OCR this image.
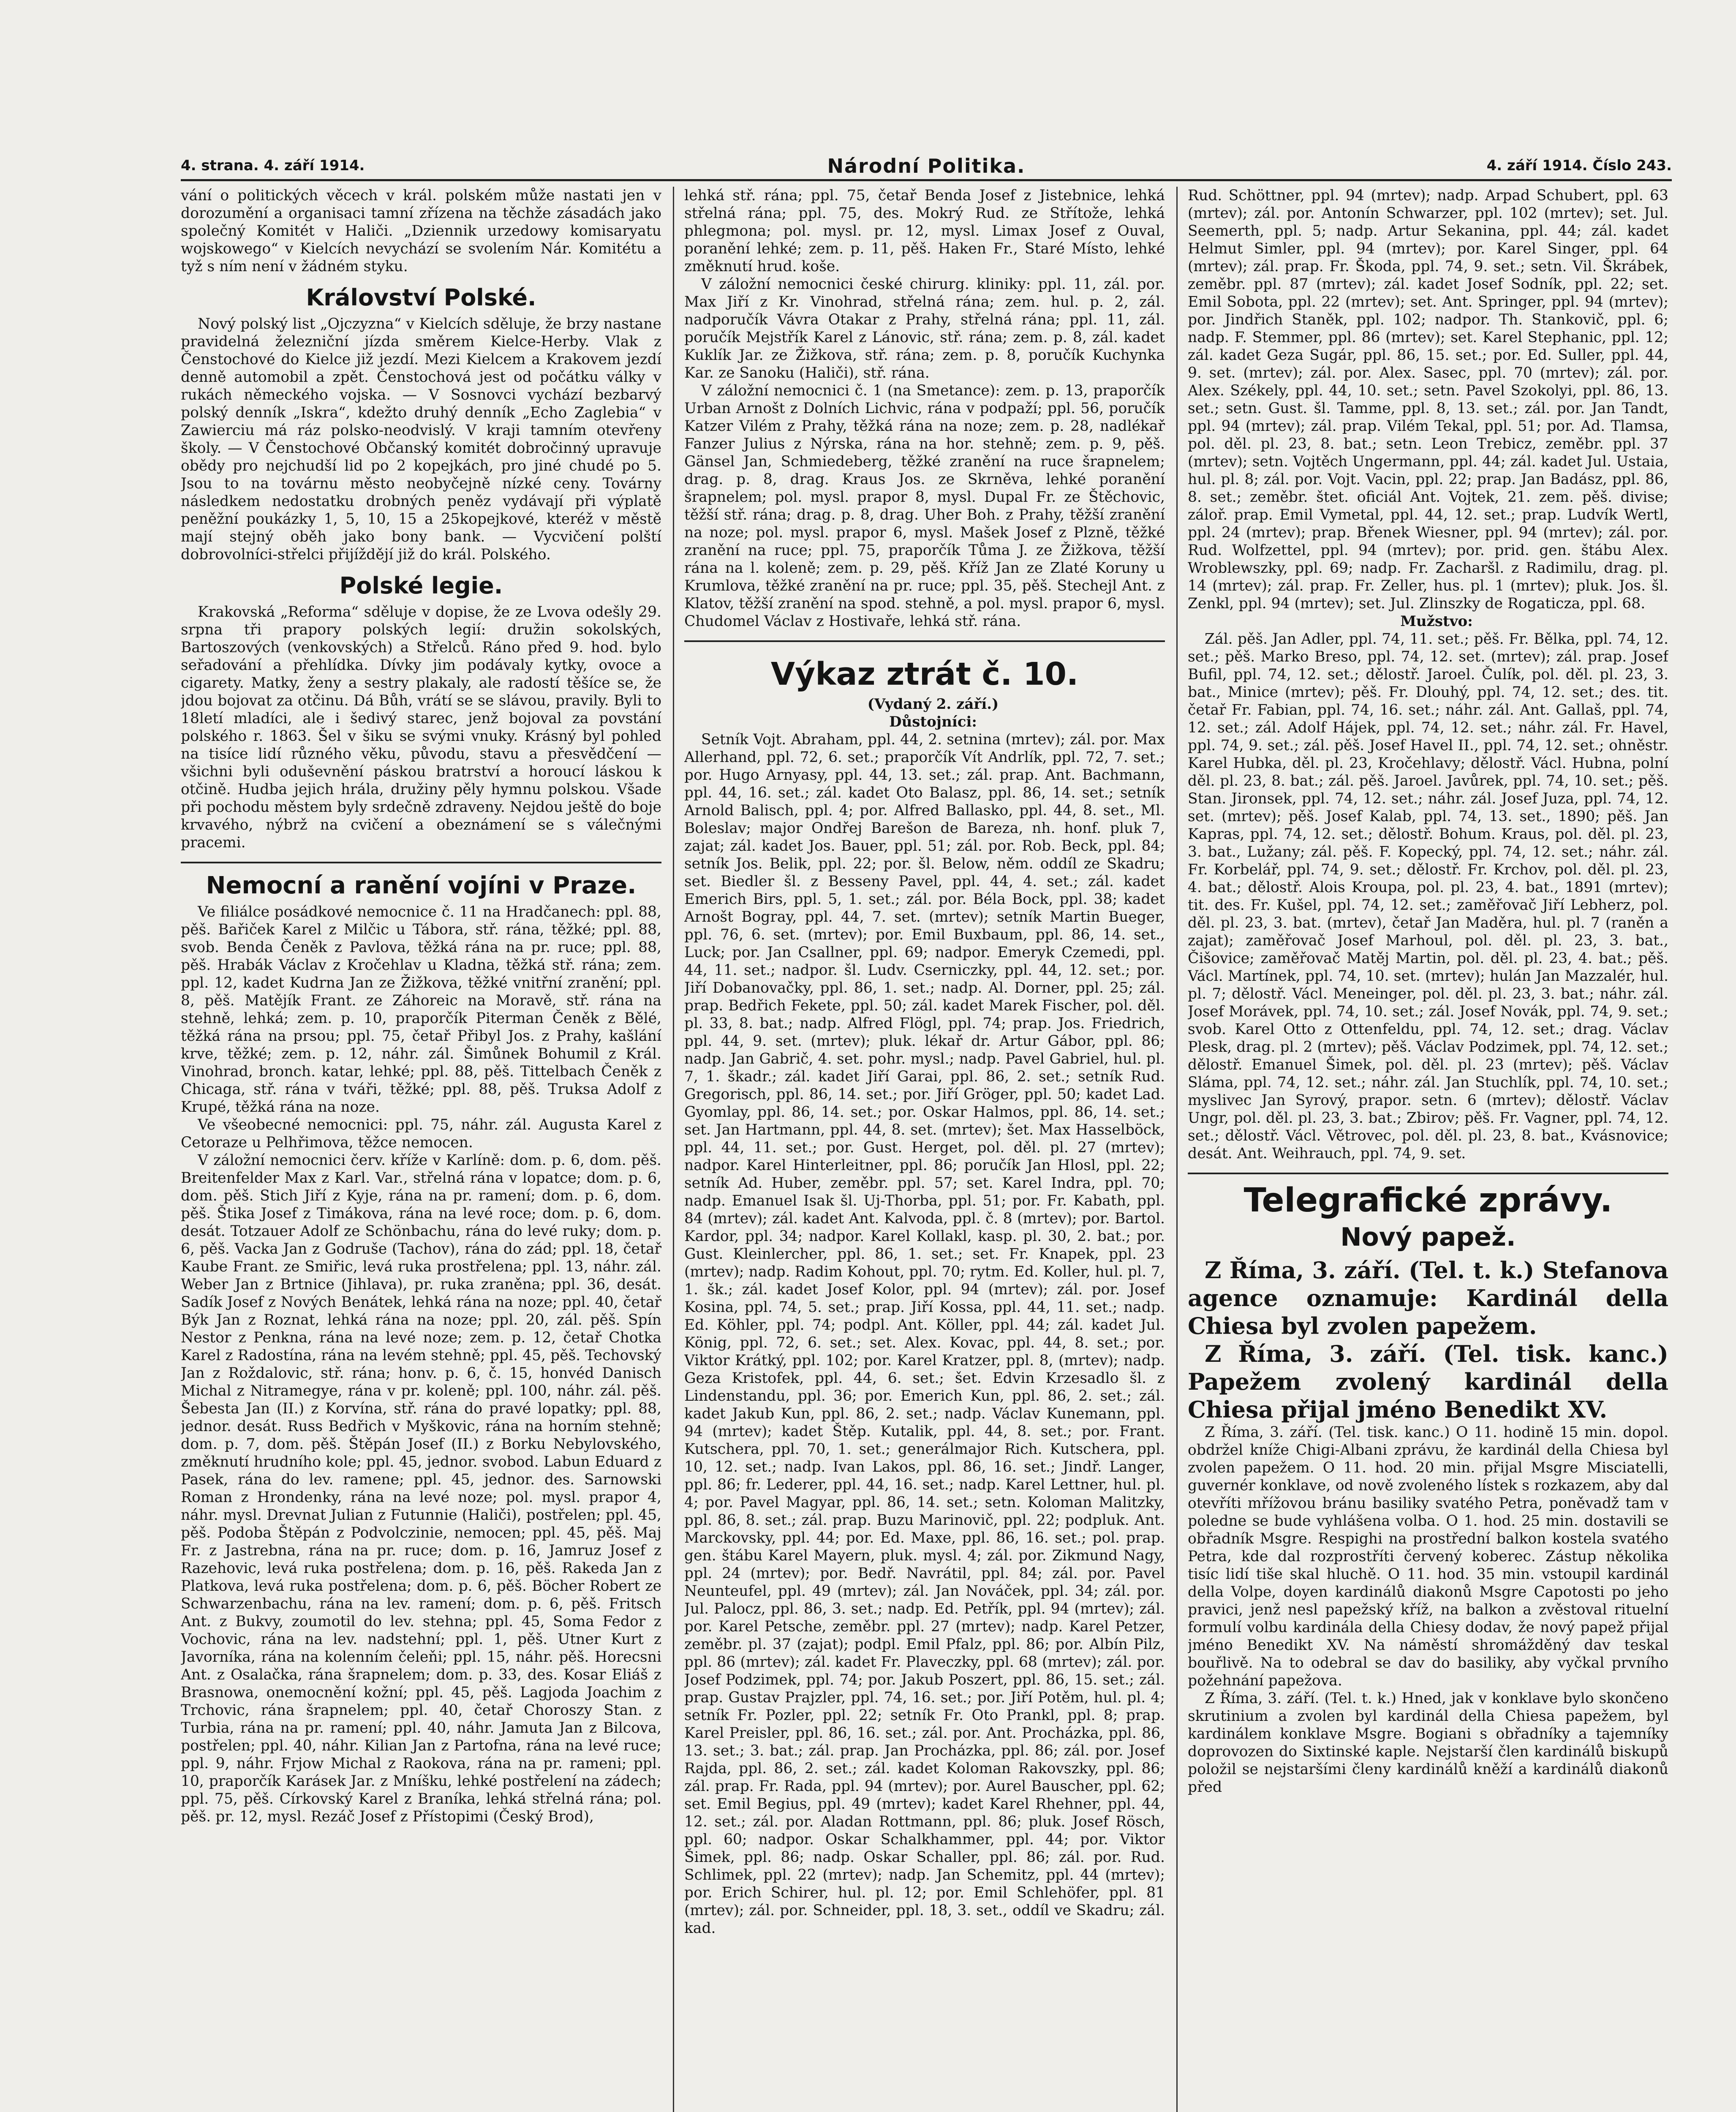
4. strana. 4. září 1914.	Národní Politika.	4. září 1914. Číslo 243.

vání o politických věcech v král. polském může nastati jen v dorozumění a organisaci tamní zřízena na těchže zásadách jako společný Komitét v Haliči. „Dziennik urzedowy komisaryatu wojskowego“ v Kielcích nevychází se svolením Nár. Komitétu a tyž s ním není v žádném styku.

Království Polské.

Nový polský list „Ojczyzna“ v Kielcích sděluje, že brzy nastane pravidelná železniční jízda směrem Kielce-Herby. Vlak z Čenstochové do Kielce již jezdí. Mezi Kielcem a Krakovem jezdí denně automobil a zpět. Čenstochová jest od počátku války v rukách německého vojska. — V Sosnovci vychází bezbarvý polský denník „Iskra“, kdežto druhý denník „Echo Zaglebia“ v Zawierciu má ráz polsko-neodvislý. V kraji tamním otevřeny školy. — V Čenstochové Občanský komitét dobročinný upravuje obědy pro nejchudší lid po 2 kopejkách, pro jiné chudé po 5. Jsou to na továrnu město neobyčejně nízké ceny. Továrny následkem nedostatku drobných peněz vydávají při výplatě peněžní poukázky 1, 5, 10, 15 a 25kopejkové, kteréž v městě mají stejný oběh jako bony bank. — Vycvičení polští dobrovolníci-střelci přijíždějí již do král. Polského.

Polské legie.

Krakovská „Reforma“ sděluje v dopise, že ze Lvova odešly 29. srpna tři prapory polských legií: družin sokolských, Bartoszových (venkovských) a Střelců. Ráno před 9. hod. bylo seřadování a přehlídka. Dívky jim podávaly kytky, ovoce a cigarety. Matky, ženy a sestry plakaly, ale radostí těšíce se, že jdou bojovat za otčinu. Dá Bůh, vrátí se se slávou, pravily. Byli to 18letí mladíci, ale i šedivý starec, jenž bojoval za povstání polského r. 1863. Šel v šiku se svými vnuky. Krásný byl pohled na tisíce lidí různého věku, původu, stavu a přesvědčení — všichni byli oduševnění páskou bratrství a horoucí láskou k otčině. Hudba jejich hrála, družiny pěly hymnu polskou. Všade při pochodu městem byly srdečně zdraveny. Nejdou ještě do boje krvavého, nýbrž na cvičení a obeznámení se s válečnými pracemi.

Nemocní a ranění vojíni v Praze.

Ve filiálce posádkové nemocnice č. 11 na Hradčanech: ppl. 88, pěš. Bařiček Karel z Milčic u Tábora, stř. rána, těžké; ppl. 88, svob. Benda Čeněk z Pavlova, těžká rána na pr. ruce; ppl. 88, pěš. Hrabák Václav z Kročehlav u Kladna, těžká stř. rána; zem. ppl. 12, kadet Kudrna Jan ze Žižkova, těžké vnitřní zranění; ppl. 8, pěš. Matějík Frant. ze Záhoreic na Moravě, stř. rána na stehně, lehká; zem. p. 10, praporčík Piterman Čeněk z Bělé, těžká rána na prsou; ppl. 75, četař Přibyl Jos. z Prahy, kašlání krve, těžké; zem. p. 12, náhr. zál. Šimůnek Bohumil z Král. Vinohrad, bronch. katar, lehké; ppl. 88, pěš. Tittelbach Čeněk z Chicaga, stř. rána v tváři, těžké; ppl. 88, pěš. Truksa Adolf z Krupé, těžká rána na noze.

Ve všeobecné nemocnici: ppl. 75, náhr. zál. Augusta Karel z Cetoraze u Pelhřimova, těžce nemocen.

V záložní nemocnici červ. kříže v Karlíně: dom. p. 6, dom. pěš. Breitenfelder Max z Karl. Var., střelná rána v lopatce; dom. p. 6, dom. pěš. Stich Jiří z Kyje, rána na pr. ramení; dom. p. 6, dom. pěš. Štika Josef z Timákova, rána na levé roce; dom. p. 6, dom. desát. Totzauer Adolf ze Schönbachu, rána do levé ruky; dom. p. 6, pěš. Vacka Jan z Godruše (Tachov), rána do zád; ppl. 18, četař Kaube Frant. ze Smiřic, levá ruka prostřelena; ppl. 13, náhr. zál. Weber Jan z Brtnice (Jihlava), pr. ruka zraněna; ppl. 36, desát. Sadík Josef z Nových Benátek, lehká rána na noze; ppl. 40, četař Býk Jan z Roznat, lehká rána na noze; ppl. 20, zál. pěš. Spín Nestor z Penkna, rána na levé noze; zem. p. 12, četař Chotka Karel z Radostína, rána na levém stehně; ppl. 45, pěš. Techovský Jan z Roždalovic, stř. rána; honv. p. 6, č. 15, honvéd Danisch Michal z Nitramegye, rána v pr. koleně; ppl. 100, náhr. zál. pěš. Šebesta Jan (II.) z Korvína, stř. rána do pravé lopatky; ppl. 88, jednor. desát. Russ Bedřich v Myškovic, rána na horním stehně; dom. p. 7, dom. pěš. Štěpán Josef (II.) z Borku Nebylovského, změknutí hrudního kole; ppl. 45, jednor. svobod. Labun Eduard z Pasek, rána do lev. ramene; ppl. 45, jednor. des. Sarnowski Roman z Hrondenky, rána na levé noze; pol. mysl. prapor 4, náhr. mysl. Drevnat Julian z Futunnie (Haliči), postřelen; ppl. 45, pěš. Podoba Štěpán z Podvolczinie, nemocen; ppl. 45, pěš. Maj Fr. z Jastrebna, rána na pr. ruce; dom. p. 16, Jamruz Josef z Razehovic, levá ruka postřelena; dom. p. 16, pěš. Rakeda Jan z Platkova, levá ruka postřelena; dom. p. 6, pěš. Böcher Robert ze Schwarzenbachu, rána na lev. ramení; dom. p. 6, pěš. Fritsch Ant. z Bukvy, zoumotil do lev. stehna; ppl. 45, Soma Fedor z Vochovic, rána na lev. nadstehní; ppl. 1, pěš. Utner Kurt z Javorníka, rána na kolenním čeleňi; ppl. 15, náhr. pěš. Horecsni Ant. z Osalačka, rána šrapnelem; dom. p. 33, des. Kosar Eliáš z Brasnowa, onemocnění kožní; ppl. 45, pěš. Lagjoda Joachim z Trchovic, rána šrapnelem; ppl. 40, četař Choroszy Stan. z Turbia, rána na pr. ramení; ppl. 40, náhr. Jamuta Jan z Bilcova, postřelen; ppl. 40, náhr. Kilian Jan z Partofna, rána na levé ruce; ppl. 9, náhr. Frjow Michal z Raokova, rána na pr. rameni; ppl. 10, praporčík Karásek Jar. z Mníšku, lehké postřelení na zádech; ppl. 75, pěš. Církovský Karel z Braníka, lehká střelná rána; pol. pěš. pr. 12, mysl. Rezáč Josef z Přístopimi (Český Brod),

lehká stř. rána; ppl. 75, četař Benda Josef z Jistebnice, lehká střelná rána; ppl. 75, des. Mokrý Rud. ze Střítože, lehká phlegmona; pol. mysl. pr. 12, mysl. Limax Josef z Ouval, poranění lehké; zem. p. 11, pěš. Haken Fr., Staré Místo, lehké změknutí hrud. koše.

V záložní nemocnici české chirurg. kliniky: ppl. 11, zál. por. Max Jiří z Kr. Vinohrad, střelná rána; zem. hul. p. 2, zál. nadporučík Vávra Otakar z Prahy, střelná rána; ppl. 11, zál. poručík Mejstřík Karel z Lánovic, stř. rána; zem. p. 8, zál. kadet Kuklík Jar. ze Žižkova, stř. rána; zem. p. 8, poručík Kuchynka Kar. ze Sanoku (Haliči), stř. rána.

V záložní nemocnici č. 1 (na Smetance): zem. p. 13, praporčík Urban Arnošt z Dolních Lichvic, rána v podpaží; ppl. 56, poručík Katzer Vilém z Prahy, těžká rána na noze; zem. p. 28, nadlékař Fanzer Julius z Nýrska, rána na hor. stehně; zem. p. 9, pěš. Gänsel Jan, Schmiedeberg, těžké zranění na ruce šrapnelem; drag. p. 8, drag. Kraus Jos. ze Skrněva, lehké poranění šrapnelem; pol. mysl. prapor 8, mysl. Dupal Fr. ze Štěchovic, těžší stř. rána; drag. p. 8, drag. Uher Boh. z Prahy, těžší zranění na noze; pol. mysl. prapor 6, mysl. Mašek Josef z Plzně, těžké zranění na ruce; ppl. 75, praporčík Tůma J. ze Žižkova, těžší rána na l. koleně; zem. p. 29, pěš. Kříž Jan ze Zlaté Koruny u Krumlova, těžké zranění na pr. ruce; ppl. 35, pěš. Stechejl Ant. z Klatov, těžší zranění na spod. stehně, a pol. mysl. prapor 6, mysl. Chudomel Václav z Hostivaře, lehká stř. rána.

Výkaz ztrát č. 10.

(Vydaný 2. září.)

Důstojníci:

Setník Vojt. Abraham, ppl. 44, 2. setnina (mrtev); zál. por. Max Allerhand, ppl. 72, 6. set.; praporčík Vít Andrlík, ppl. 72, 7. set.; por. Hugo Arnyasy, ppl. 44, 13. set.; zál. prap. Ant. Bachmann, ppl. 44, 16. set.; zál. kadet Oto Balasz, ppl. 86, 14. set.; setník Arnold Balisch, ppl. 4; por. Alfred Ballasko, ppl. 44, 8. set., Ml. Boleslav; major Ondřej Barešon de Bareza, nh. honf. pluk 7, zajat; zál. kadet Jos. Bauer, ppl. 51; zál. por. Rob. Beck, ppl. 84; setník Jos. Belik, ppl. 22; por. šl. Below, něm. oddíl ze Skadru; set. Biedler šl. z Besseny Pavel, ppl. 44, 4. set.; zál. kadet Emerich Birs, ppl. 5, 1. set.; zál. por. Béla Bock, ppl. 38; kadet Arnošt Bogray, ppl. 44, 7. set. (mrtev); setník Martin Bueger, ppl. 76, 6. set. (mrtev); por. Emil Buxbaum, ppl. 86, 14. set., Luck; por. Jan Csallner, ppl. 69; nadpor. Emeryk Czemedi, ppl. 44, 11. set.; nadpor. šl. Ludv. Cserniczky, ppl. 44, 12. set.; por. Jiří Dobanovačky, ppl. 86, 1. set.; nadp. Al. Dorner, ppl. 25; zál. prap. Bedřich Fekete, ppl. 50; zál. kadet Marek Fischer, pol. děl. pl. 33, 8. bat.; nadp. Alfred Flögl, ppl. 74; prap. Jos. Friedrich, ppl. 44, 9. set. (mrtev); pluk. lékař dr. Artur Gábor, ppl. 86; nadp. Jan Gabrič, 4. set. pohr. mysl.; nadp. Pavel Gabriel, hul. pl. 7, 1. škadr.; zál. kadet Jiří Garai, ppl. 86, 2. set.; setník Rud. Gregorisch, ppl. 86, 14. set.; por. Jiří Gröger, ppl. 50; kadet Lad. Gyomlay, ppl. 86, 14. set.; por. Oskar Halmos, ppl. 86, 14. set.; set. Jan Hartmann, ppl. 44, 8. set. (mrtev); šet. Max Hasselböck, ppl. 44, 11. set.; por. Gust. Herget, pol. děl. pl. 27 (mrtev); nadpor. Karel Hinterleitner, ppl. 86; poručík Jan Hlosl, ppl. 22; setník Ad. Huber, zeměbr. ppl. 57; set. Karel Indra, ppl. 70; nadp. Emanuel Isak šl. Uj-Thorba, ppl. 51; por. Fr. Kabath, ppl. 84 (mrtev); zál. kadet Ant. Kalvoda, ppl. č. 8 (mrtev); por. Bartol. Kardor, ppl. 34; nadpor. Karel Kollakl, kasp. pl. 30, 2. bat.; por. Gust. Kleinlercher, ppl. 86, 1. set.; set. Fr. Knapek, ppl. 23 (mrtev); nadp. Radim Kohout, ppl. 70; rytm. Ed. Koller, hul. pl. 7, 1. šk.; zál. kadet Josef Kolor, ppl. 94 (mrtev); zál. por. Josef Kosina, ppl. 74, 5. set.; prap. Jiří Kossa, ppl. 44, 11. set.; nadp. Ed. Köhler, ppl. 74; podpl. Ant. Köller, ppl. 44; zál. kadet Jul. König, ppl. 72, 6. set.; set. Alex. Kovac, ppl. 44, 8. set.; por. Viktor Krátký, ppl. 102; por. Karel Kratzer, ppl. 8, (mrtev); nadp. Geza Kristofek, ppl. 44, 6. set.; šet. Edvin Krzesadlo šl. z Lindenstandu, ppl. 36; por. Emerich Kun, ppl. 86, 2. set.; zál. kadet Jakub Kun, ppl. 86, 2. set.; nadp. Václav Kunemann, ppl. 94 (mrtev); kadet Štěp. Kutalik, ppl. 44, 8. set.; por. Frant. Kutschera, ppl. 70, 1. set.; generálmajor Rich. Kutschera, ppl. 10, 12. set.; nadp. Ivan Lakos, ppl. 86, 16. set.; Jindř. Langer, ppl. 86; fr. Lederer, ppl. 44, 16. set.; nadp. Karel Lettner, hul. pl. 4; por. Pavel Magyar, ppl. 86, 14. set.; setn. Koloman Malitzky, ppl. 86, 8. set.; zál. prap. Buzu Marinovič, ppl. 22; podpluk. Ant. Marckovsky, ppl. 44; por. Ed. Maxe, ppl. 86, 16. set.; pol. prap. gen. štábu Karel Mayern, pluk. mysl. 4; zál. por. Zikmund Nagy, ppl. 24 (mrtev); por. Bedř. Navrátil, ppl. 84; zál. por. Pavel Neunteufel, ppl. 49 (mrtev); zál. Jan Nováček, ppl. 34; zál. por. Jul. Palocz, ppl. 86, 3. set.; nadp. Ed. Petřík, ppl. 94 (mrtev); zál. por. Karel Petsche, zeměbr. ppl. 27 (mrtev); nadp. Karel Petzer, zeměbr. pl. 37 (zajat); podpl. Emil Pfalz, ppl. 86; por. Albín Pilz, ppl. 86 (mrtev); zál. kadet Fr. Plaveczky, ppl. 68 (mrtev); zál. por. Josef Podzimek, ppl. 74; por. Jakub Poszert, ppl. 86, 15. set.; zál. prap. Gustav Prajzler, ppl. 74, 16. set.; por. Jiří Potěm, hul. pl. 4; setník Fr. Pozler, ppl. 22; setník Fr. Oto Prankl, ppl. 8; prap. Karel Preisler, ppl. 86, 16. set.; zál. por. Ant. Procházka, ppl. 86, 13. set.; 3. bat.; zál. prap. Jan Procházka, ppl. 86; zál. por. Josef Rajda, ppl. 86, 2. set.; zál. kadet Koloman Rakovszky, ppl. 86; zál. prap. Fr. Rada, ppl. 94 (mrtev); por. Aurel Bauscher, ppl. 62; set. Emil Begius, ppl. 49 (mrtev); kadet Karel Rhehner, ppl. 44, 12. set.; zál. por. Aladan Rottmann, ppl. 86; pluk. Josef Rösch, ppl. 60; nadpor. Oskar Schalkhammer, ppl. 44; por. Viktor Šimek, ppl. 86; nadp. Oskar Schaller, ppl. 86; zál. por. Rud. Schlimek, ppl. 22 (mrtev); nadp. Jan Schemitz, ppl. 44 (mrtev); por. Erich Schirer, hul. pl. 12; por. Emil Schlehöfer, ppl. 81 (mrtev); zál. por. Schneider, ppl. 18, 3. set., oddíl ve Skadru; zál. kad.

Rud. Schöttner, ppl. 94 (mrtev); nadp. Arpad Schubert, ppl. 63 (mrtev); zál. por. Antonín Schwarzer, ppl. 102 (mrtev); set. Jul. Seemerth, ppl. 5; nadp. Artur Sekanina, ppl. 44; zál. kadet Helmut Simler, ppl. 94 (mrtev); por. Karel Singer, ppl. 64 (mrtev); zál. prap. Fr. Škoda, ppl. 74, 9. set.; setn. Vil. Škrábek, zeměbr. ppl. 87 (mrtev); zál. kadet Josef Sodník, ppl. 22; set. Emil Sobota, ppl. 22 (mrtev); set. Ant. Springer, ppl. 94 (mrtev); por. Jindřich Staněk, ppl. 102; nadpor. Th. Stankovič, ppl. 6; nadp. F. Stemmer, ppl. 86 (mrtev); set. Karel Stephanic, ppl. 12; zál. kadet Geza Sugár, ppl. 86, 15. set.; por. Ed. Suller, ppl. 44, 9. set. (mrtev); zál. por. Alex. Sasec, ppl. 70 (mrtev); zál. por. Alex. Székely, ppl. 44, 10. set.; setn. Pavel Szokolyi, ppl. 86, 13. set.; setn. Gust. šl. Tamme, ppl. 8, 13. set.; zál. por. Jan Tandt, ppl. 94 (mrtev); zál. prap. Vilém Tekal, ppl. 51; por. Ad. Tlamsa, pol. děl. pl. 23, 8. bat.; setn. Leon Trebicz, zeměbr. ppl. 37 (mrtev); setn. Vojtěch Ungermann, ppl. 44; zál. kadet Jul. Ustaia, hul. pl. 8; zál. por. Vojt. Vacin, ppl. 22; prap. Jan Badász, ppl. 86, 8. set.; zeměbr. štet. oficiál Ant. Vojtek, 21. zem. pěš. divise; záloř. prap. Emil Vymetal, ppl. 44, 12. set.; prap. Ludvík Wertl, ppl. 24 (mrtev); prap. Břenek Wiesner, ppl. 94 (mrtev); zál. por. Rud. Wolfzettel, ppl. 94 (mrtev); por. prid. gen. štábu Alex. Wroblewszky, ppl. 69; nadp. Fr. Zacharšl. z Radimilu, drag. pl. 14 (mrtev); zál. prap. Fr. Zeller, hus. pl. 1 (mrtev); pluk. Jos. šl. Zenkl, ppl. 94 (mrtev); set. Jul. Zlinszky de Rogaticza, ppl. 68.

Mužstvo:

Zál. pěš. Jan Adler, ppl. 74, 11. set.; pěš. Fr. Bělka, ppl. 74, 12. set.; pěš. Marko Breso, ppl. 74, 12. set. (mrtev); zál. prap. Josef Bufil, ppl. 74, 12. set.; dělostř. Jaroel. Čulík, pol. děl. pl. 23, 3. bat., Minice (mrtev); pěš. Fr. Dlouhý, ppl. 74, 12. set.; des. tit. četař Fr. Fabian, ppl. 74, 16. set.; náhr. zál. Ant. Gallaš, ppl. 74, 12. set.; zál. Adolf Hájek, ppl. 74, 12. set.; náhr. zál. Fr. Havel, ppl. 74, 9. set.; zál. pěš. Josef Havel II., ppl. 74, 12. set.; ohněstr. Karel Hubka, děl. pl. 23, Kročehlavy; dělostř. Václ. Hubna, polní děl. pl. 23, 8. bat.; zál. pěš. Jaroel. Javůrek, ppl. 74, 10. set.; pěš. Stan. Jironsek, ppl. 74, 12. set.; náhr. zál. Josef Juza, ppl. 74, 12. set. (mrtev); pěš. Josef Kalab, ppl. 74, 13. set., 1890; pěš. Jan Kapras, ppl. 74, 12. set.; dělostř. Bohum. Kraus, pol. děl. pl. 23, 3. bat., Lužany; zál. pěš. F. Kopecký, ppl. 74, 12. set.; náhr. zál. Fr. Korbelář, ppl. 74, 9. set.; dělostř. Fr. Krchov, pol. děl. pl. 23, 4. bat.; dělostř. Alois Kroupa, pol. pl. 23, 4. bat., 1891 (mrtev); tit. des. Fr. Kušel, ppl. 74, 12. set.; zaměřovač Jiří Lebherz, pol. děl. pl. 23, 3. bat. (mrtev), četař Jan Maděra, hul. pl. 7 (raněn a zajat); zaměřovač Josef Marhoul, pol. děl. pl. 23, 3. bat., Čišovice; zaměřovač Matěj Martin, pol. děl. pl. 23, 4. bat.; pěš. Václ. Martínek, ppl. 74, 10. set. (mrtev); hulán Jan Mazzalér, hul. pl. 7; dělostř. Václ. Meneinger, pol. děl. pl. 23, 3. bat.; náhr. zál. Josef Morávek, ppl. 74, 10. set.; zál. Josef Novák, ppl. 74, 9. set.; svob. Karel Otto z Ottenfeldu, ppl. 74, 12. set.; drag. Václav Plesk, drag. pl. 2 (mrtev); pěš. Václav Podzimek, ppl. 74, 12. set.; dělostř. Emanuel Šimek, pol. děl. pl. 23 (mrtev); pěš. Václav Sláma, ppl. 74, 12. set.; náhr. zál. Jan Stuchlík, ppl. 74, 10. set.; myslivec Jan Syrový, prapor. setn. 6 (mrtev); dělostř. Václav Ungr, pol. děl. pl. 23, 3. bat.; Zbirov; pěš. Fr. Vagner, ppl. 74, 12. set.; dělostř. Václ. Větrovec, pol. děl. pl. 23, 8. bat., Kvásnovice; desát. Ant. Weihrauch, ppl. 74, 9. set.

Telegrafické zprávy.
Nový papež.

Z Říma, 3. září. (Tel. t. k.) Stefanova agence oznamuje: Kardinál della Chiesa byl zvolen papežem.

Z Říma, 3. září. (Tel. tisk. kanc.) Papežem zvolený kardinál della Chiesa přijal jméno Benedikt XV.

Z Říma, 3. září. (Tel. tisk. kanc.) O 11. hodině 15 min. dopol. obdržel kníže Chigi-Albani zprávu, že kardinál della Chiesa byl zvolen papežem. O 11. hod. 20 min. přijal Msgre Misciatelli, guvernér konklave, od nově zvoleného lístek s rozkazem, aby dal otevříti mřížovou bránu basiliky svatého Petra, poněvadž tam v poledne se bude vyhlášena volba. O 1. hod. 25 min. dostavili se obřadník Msgre. Respighi na prostřední balkon kostela svatého Petra, kde dal rozprostříti červený koberec. Zástup několika tisíc lidí tiše skal hluchě. O 11. hod. 35 min. vstoupil kardinál della Volpe, doyen kardinálů diakonů Msgre Capotosti po jeho pravici, jenž nesl papežský kříž, na balkon a zvěstoval rituelní formulí volbu kardinála della Chiesy dodav, že nový papež přijal jméno Benedikt XV. Na náměstí shromážděný dav teskal bouřlivě. Na to odebral se dav do basiliky, aby vyčkal prvního požehnání papežova.

Z Říma, 3. září. (Tel. t. k.) Hned, jak v konklave bylo skončeno skrutinium a zvolen byl kardinál della Chiesa papežem, byl kardinálem konklave Msgre. Bogiani s obřadníky a tajemníky doprovozen do Sixtinské kaple. Nejstarší člen kardinálů biskupů položil se nejstaršími členy kardinálů kněží a kardinálů diakonů před
